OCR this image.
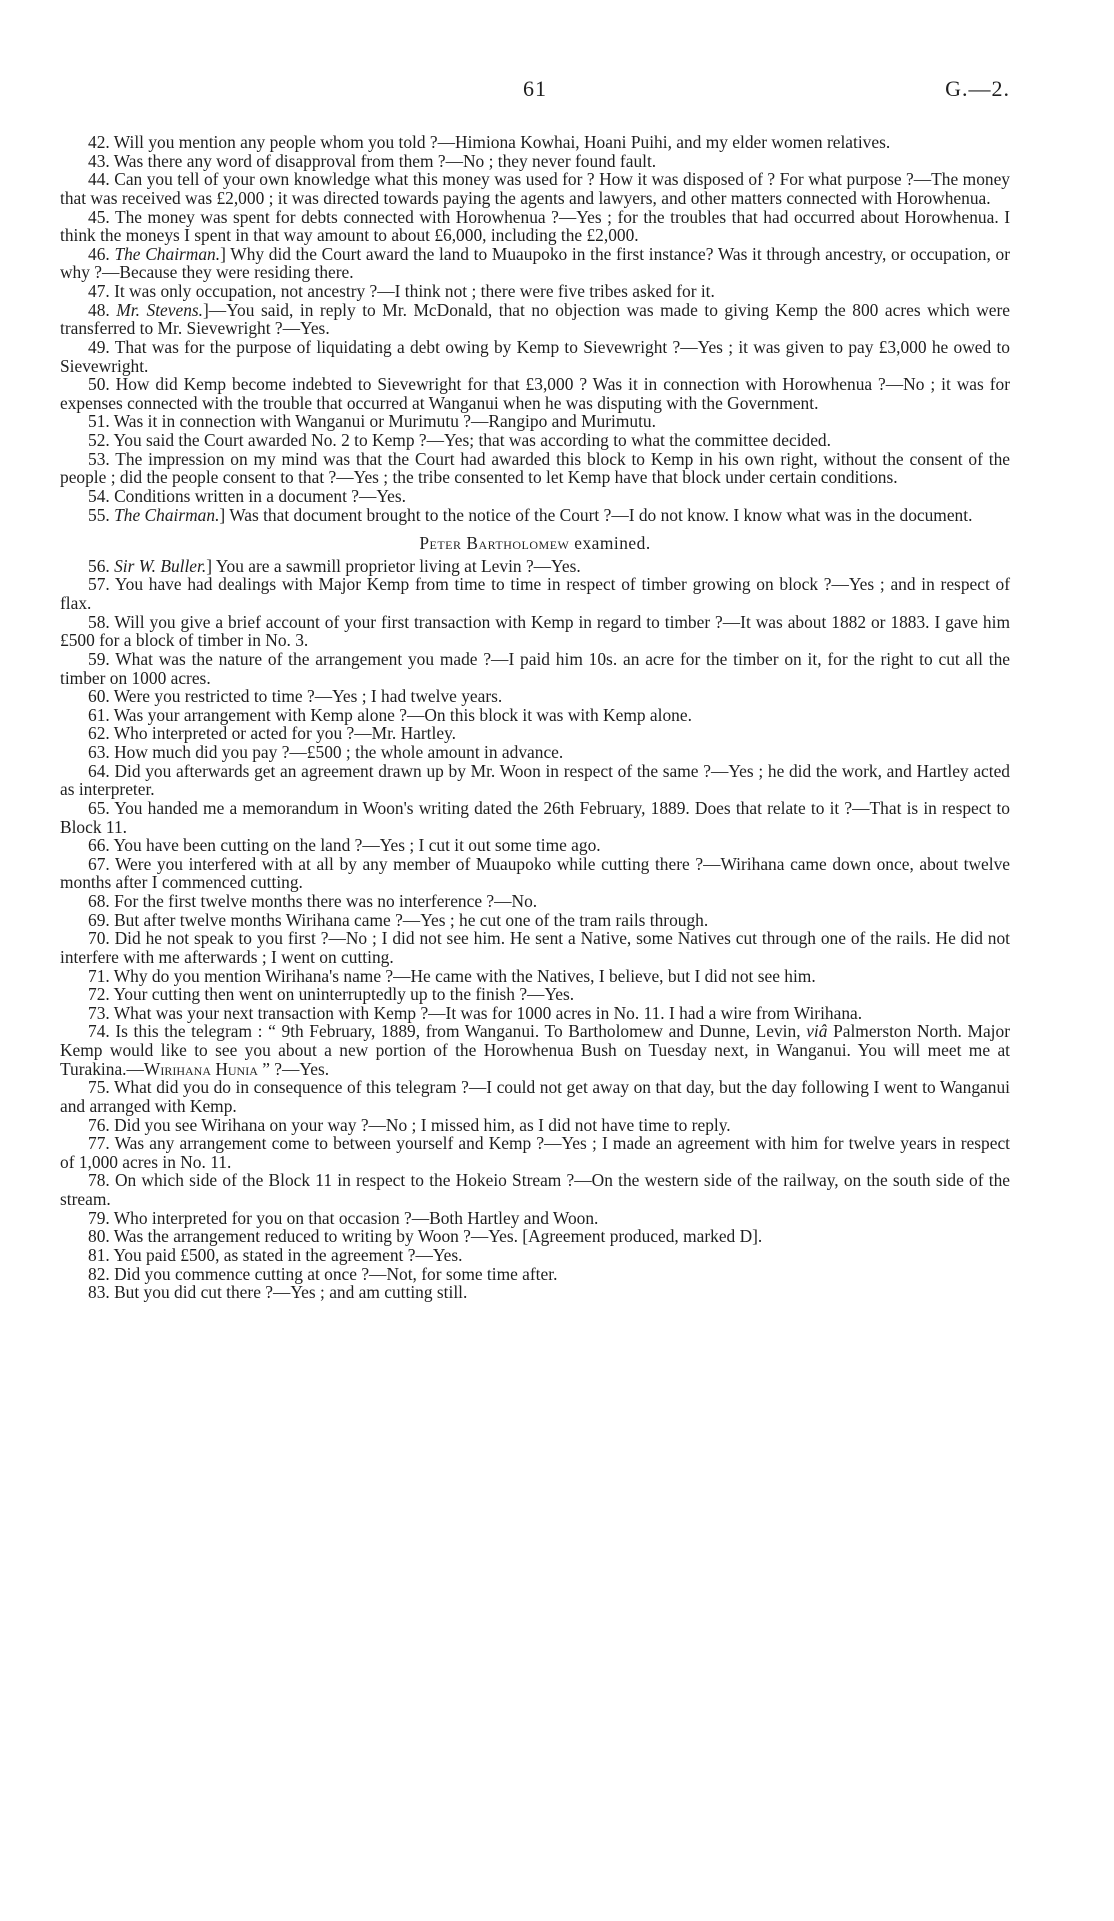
61	G.—2.

42. Will you mention any people whom you told ?—Himiona Kowhai, Hoani Puihi, and my elder women relatives.

43. Was there any word of disapproval from them ?—No ; they never found fault.

44. Can you tell of your own knowledge what this money was used for ? How it was disposed of ? For what purpose ?—The money that was received was £2,000 ; it was directed towards paying the agents and lawyers, and other matters connected with Horowhenua.

45. The money was spent for debts connected with Horowhenua ?—Yes ; for the troubles that had occurred about Horowhenua. I think the moneys I spent in that way amount to about £6,000, including the £2,000.

46. The Chairman.] Why did the Court award the land to Muaupoko in the first instance? Was it through ancestry, or occupation, or why ?—Because they were residing there.

47. It was only occupation, not ancestry ?—I think not ; there were five tribes asked for it.

48. Mr. Stevens.]—You said, in reply to Mr. McDonald, that no objection was made to giving Kemp the 800 acres which were transferred to Mr. Sievewright ?—Yes.

49. That was for the purpose of liquidating a debt owing by Kemp to Sievewright ?—Yes ; it was given to pay £3,000 he owed to Sievewright.

50. How did Kemp become indebted to Sievewright for that £3,000 ? Was it in connection with Horowhenua ?—No ; it was for expenses connected with the trouble that occurred at Wanganui when he was disputing with the Government.

51. Was it in connection with Wanganui or Murimutu ?—Rangipo and Murimutu.

52. You said the Court awarded No. 2 to Kemp ?—Yes; that was according to what the committee decided.

53. The impression on my mind was that the Court had awarded this block to Kemp in his own right, without the consent of the people ; did the people consent to that ?—Yes ; the tribe consented to let Kemp have that block under certain conditions.

54. Conditions written in a document ?—Yes.

55. The Chairman.] Was that document brought to the notice of the Court ?—I do not know. I know what was in the document.

Peter Bartholomew examined.

56. Sir W. Buller.] You are a sawmill proprietor living at Levin ?—Yes.

57. You have had dealings with Major Kemp from time to time in respect of timber growing on block ?—Yes ; and in respect of flax.

58. Will you give a brief account of your first transaction with Kemp in regard to timber ?—It was about 1882 or 1883. I gave him £500 for a block of timber in No. 3.

59. What was the nature of the arrangement you made ?—I paid him 10s. an acre for the timber on it, for the right to cut all the timber on 1000 acres.

60. Were you restricted to time ?—Yes ; I had twelve years.

61. Was your arrangement with Kemp alone ?—On this block it was with Kemp alone.

62. Who interpreted or acted for you ?—Mr. Hartley.

63. How much did you pay ?—£500 ; the whole amount in advance.

64. Did you afterwards get an agreement drawn up by Mr. Woon in respect of the same ?—Yes ; he did the work, and Hartley acted as interpreter.

65. You handed me a memorandum in Woon's writing dated the 26th February, 1889. Does that relate to it ?—That is in respect to Block 11.

66. You have been cutting on the land ?—Yes ; I cut it out some time ago.

67. Were you interfered with at all by any member of Muaupoko while cutting there ?—Wirihana came down once, about twelve months after I commenced cutting.

68. For the first twelve months there was no interference ?—No.

69. But after twelve months Wirihana came ?—Yes ; he cut one of the tram rails through.

70. Did he not speak to you first ?—No ; I did not see him. He sent a Native, some Natives cut through one of the rails. He did not interfere with me afterwards ; I went on cutting.

71. Why do you mention Wirihana's name ?—He came with the Natives, I believe, but I did not see him.

72. Your cutting then went on uninterruptedly up to the finish ?—Yes.

73. What was your next transaction with Kemp ?—It was for 1000 acres in No. 11. I had a wire from Wirihana.

74. Is this the telegram : “ 9th February, 1889, from Wanganui. To Bartholomew and Dunne, Levin, viâ Palmerston North. Major Kemp would like to see you about a new portion of the Horowhenua Bush on Tuesday next, in Wanganui. You will meet me at Turakina.—Wirihana Hunia ” ?—Yes.

75. What did you do in consequence of this telegram ?—I could not get away on that day, but the day following I went to Wanganui and arranged with Kemp.

76. Did you see Wirihana on your way ?—No ; I missed him, as I did not have time to reply.

77. Was any arrangement come to between yourself and Kemp ?—Yes ; I made an agreement with him for twelve years in respect of 1,000 acres in No. 11.

78. On which side of the Block 11 in respect to the Hokeio Stream ?—On the western side of the railway, on the south side of the stream.

79. Who interpreted for you on that occasion ?—Both Hartley and Woon.

80. Was the arrangement reduced to writing by Woon ?—Yes. [Agreement produced, marked D].

81. You paid £500, as stated in the agreement ?—Yes.

82. Did you commence cutting at once ?—Not, for some time after.

83. But you did cut there ?—Yes ; and am cutting still.
